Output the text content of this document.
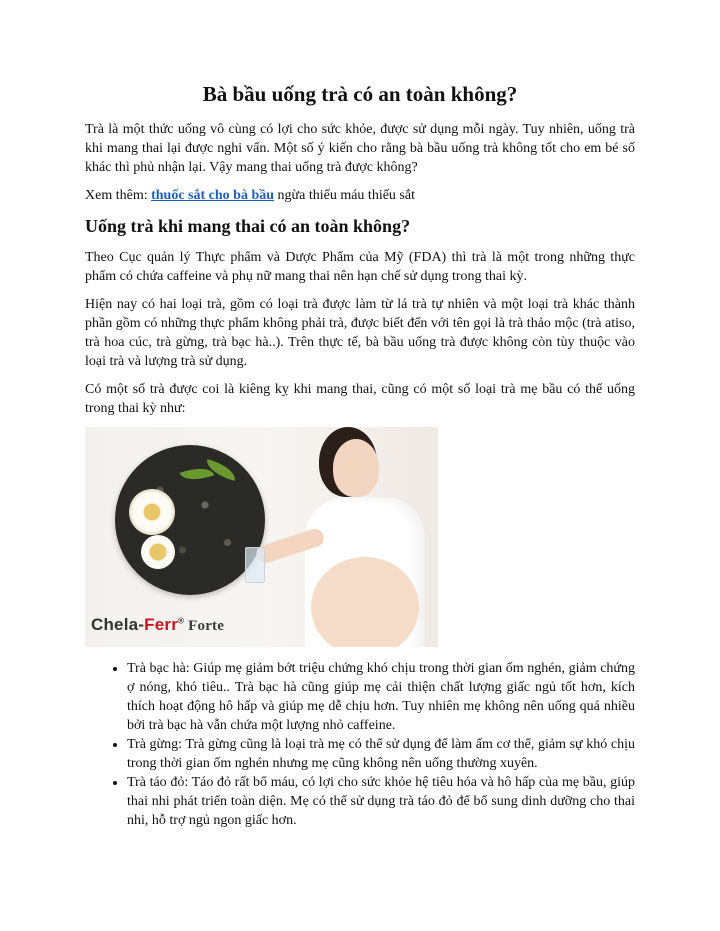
Bà bầu uống trà có an toàn không?

Trà là một thức uống vô cùng có lợi cho sức khỏe, được sử dụng mỗi ngày. Tuy nhiên, uống trà khi mang thai lại được nghi vấn. Một số ý kiến cho rằng bà bầu uống trà không tốt cho em bé số khác thì phủ nhận lại. Vậy mang thai uống trà được không?

Xem thêm: thuốc sắt cho bà bầu ngừa thiếu máu thiếu sắt

Uống trà khi mang thai có an toàn không?

Theo Cục quản lý Thực phẩm và Dược Phẩm của Mỹ (FDA) thì trà là một trong những thực phẩm có chứa caffeine và phụ nữ mang thai nên hạn chế sử dụng trong thai kỳ.

Hiện nay có hai loại trà, gồm có loại trà được làm từ lá trà tự nhiên và một loại trà khác thành phần gồm có những thực phẩm không phải trà, được biết đến với tên gọi là trà thảo mộc (trà atiso, trà hoa cúc, trà gừng, trà bạc hà..). Trên thực tế, bà bầu uống trà được không còn tùy thuộc vào loại trà và lượng trà sử dụng.

Có một số trà được coi là kiêng kỵ khi mang thai, cũng có một số loại trà mẹ bầu có thể uống trong thai kỳ như:

Chela-Ferr® Forte
• Trà bạc hà: Giúp mẹ giảm bớt triệu chứng khó chịu trong thời gian ốm nghén, giảm chứng ợ nóng, khó tiêu.. Trà bạc hà cũng giúp mẹ cải thiện chất lượng giấc ngủ tốt hơn, kích thích hoạt động hô hấp và giúp mẹ dễ chịu hơn. Tuy nhiên mẹ không nên uống quá nhiều bởi trà bạc hà vẫn chứa một lượng nhỏ caffeine.
• Trà gừng: Trà gừng cũng là loại trà mẹ có thể sử dụng để làm ấm cơ thể, giảm sự khó chịu trong thời gian ốm nghén nhưng mẹ cũng không nên uống thường xuyên.
• Trà táo đỏ: Táo đỏ rất bổ máu, có lợi cho sức khỏe hệ tiêu hóa và hô hấp của mẹ bầu, giúp thai nhi phát triển toàn diện. Mẹ có thể sử dụng trà táo đỏ để bổ sung dinh dưỡng cho thai nhi, hỗ trợ ngủ ngon giấc hơn.
